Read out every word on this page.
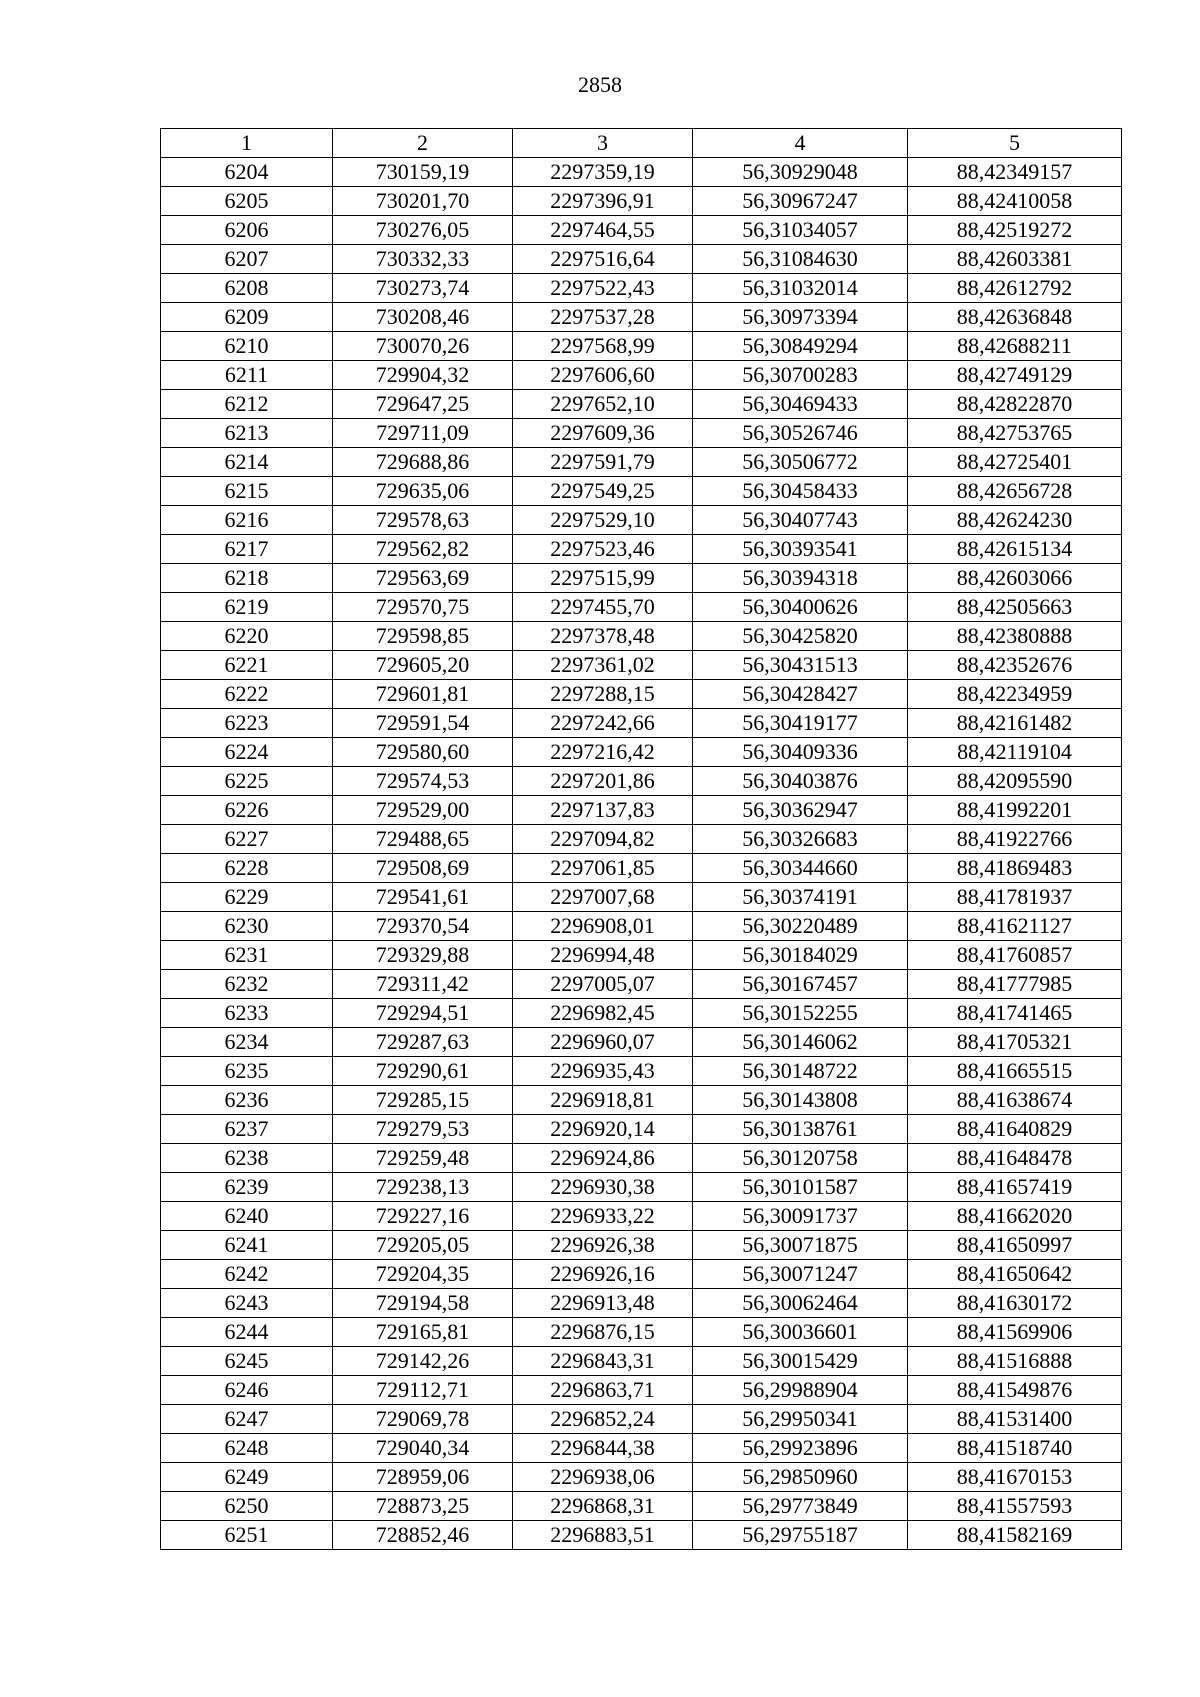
2858
1	2	3	4	5
6204	730159,19	2297359,19	56,30929048	88,42349157
6205	730201,70	2297396,91	56,30967247	88,42410058
6206	730276,05	2297464,55	56,31034057	88,42519272
6207	730332,33	2297516,64	56,31084630	88,42603381
6208	730273,74	2297522,43	56,31032014	88,42612792
6209	730208,46	2297537,28	56,30973394	88,42636848
6210	730070,26	2297568,99	56,30849294	88,42688211
6211	729904,32	2297606,60	56,30700283	88,42749129
6212	729647,25	2297652,10	56,30469433	88,42822870
6213	729711,09	2297609,36	56,30526746	88,42753765
6214	729688,86	2297591,79	56,30506772	88,42725401
6215	729635,06	2297549,25	56,30458433	88,42656728
6216	729578,63	2297529,10	56,30407743	88,42624230
6217	729562,82	2297523,46	56,30393541	88,42615134
6218	729563,69	2297515,99	56,30394318	88,42603066
6219	729570,75	2297455,70	56,30400626	88,42505663
6220	729598,85	2297378,48	56,30425820	88,42380888
6221	729605,20	2297361,02	56,30431513	88,42352676
6222	729601,81	2297288,15	56,30428427	88,42234959
6223	729591,54	2297242,66	56,30419177	88,42161482
6224	729580,60	2297216,42	56,30409336	88,42119104
6225	729574,53	2297201,86	56,30403876	88,42095590
6226	729529,00	2297137,83	56,30362947	88,41992201
6227	729488,65	2297094,82	56,30326683	88,41922766
6228	729508,69	2297061,85	56,30344660	88,41869483
6229	729541,61	2297007,68	56,30374191	88,41781937
6230	729370,54	2296908,01	56,30220489	88,41621127
6231	729329,88	2296994,48	56,30184029	88,41760857
6232	729311,42	2297005,07	56,30167457	88,41777985
6233	729294,51	2296982,45	56,30152255	88,41741465
6234	729287,63	2296960,07	56,30146062	88,41705321
6235	729290,61	2296935,43	56,30148722	88,41665515
6236	729285,15	2296918,81	56,30143808	88,41638674
6237	729279,53	2296920,14	56,30138761	88,41640829
6238	729259,48	2296924,86	56,30120758	88,41648478
6239	729238,13	2296930,38	56,30101587	88,41657419
6240	729227,16	2296933,22	56,30091737	88,41662020
6241	729205,05	2296926,38	56,30071875	88,41650997
6242	729204,35	2296926,16	56,30071247	88,41650642
6243	729194,58	2296913,48	56,30062464	88,41630172
6244	729165,81	2296876,15	56,30036601	88,41569906
6245	729142,26	2296843,31	56,30015429	88,41516888
6246	729112,71	2296863,71	56,29988904	88,41549876
6247	729069,78	2296852,24	56,29950341	88,41531400
6248	729040,34	2296844,38	56,29923896	88,41518740
6249	728959,06	2296938,06	56,29850960	88,41670153
6250	728873,25	2296868,31	56,29773849	88,41557593
6251	728852,46	2296883,51	56,29755187	88,41582169
